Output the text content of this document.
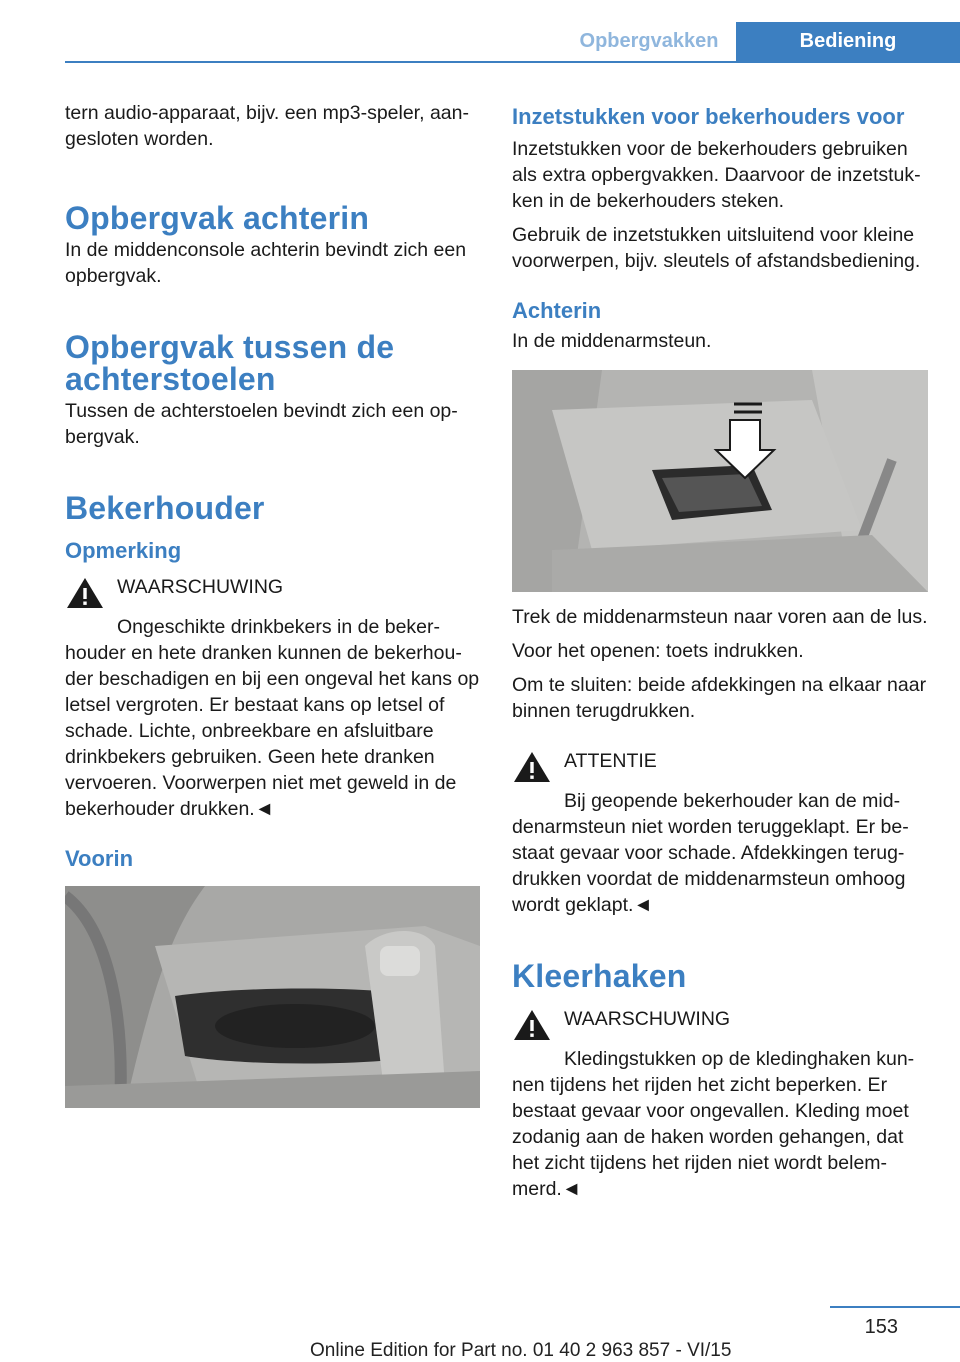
Opbergvakken	Bediening

tern audio-apparaat, bijv. een mp3-speler, aangesloten worden.

Opbergvak achterin

In de middenconsole achterin bevindt zich een opbergvak.

Opbergvak tussen de achterstoelen

Tussen de achterstoelen bevindt zich een opbergvak.

Bekerhouder
Opmerking

WAARSCHUWING

Ongeschikte drinkbekers in de bekerhouder en hete dranken kunnen de bekerhouder beschadigen en bij een ongeval het kans op letsel vergroten. Er bestaat kans op letsel of schade. Lichte, onbreekbare en afsluitbare drinkbekers gebruiken. Geen hete dranken vervoeren. Voorwerpen niet met geweld in de bekerhouder drukken.◄

Voorin
Inzetstukken voor bekerhouders voor

Inzetstukken voor de bekerhouders gebruiken als extra opbergvakken. Daarvoor de inzetstukken in de bekerhouders steken.

Gebruik de inzetstukken uitsluitend voor kleine voorwerpen, bijv. sleutels of afstandsbediening.

Achterin

In de middenarmsteun.

Trek de middenarmsteun naar voren aan de lus.

Voor het openen: toets indrukken.

Om te sluiten: beide afdekkingen na elkaar naar binnen terugdrukken.

ATTENTIE

Bij geopende bekerhouder kan de middenarmsteun niet worden teruggeklapt. Er bestaat gevaar voor schade. Afdekkingen terugdrukken voordat de middenarmsteun omhoog wordt geklapt.◄

Kleerhaken

WAARSCHUWING

Kledingstukken op de kledinghaken kunnen tijdens het rijden het zicht beperken. Er bestaat gevaar voor ongevallen. Kleding moet zodanig aan de haken worden gehangen, dat het zicht tijdens het rijden niet wordt belemmerd.◄

153
Online Edition for Part no. 01 40 2 963 857 - VI/15
